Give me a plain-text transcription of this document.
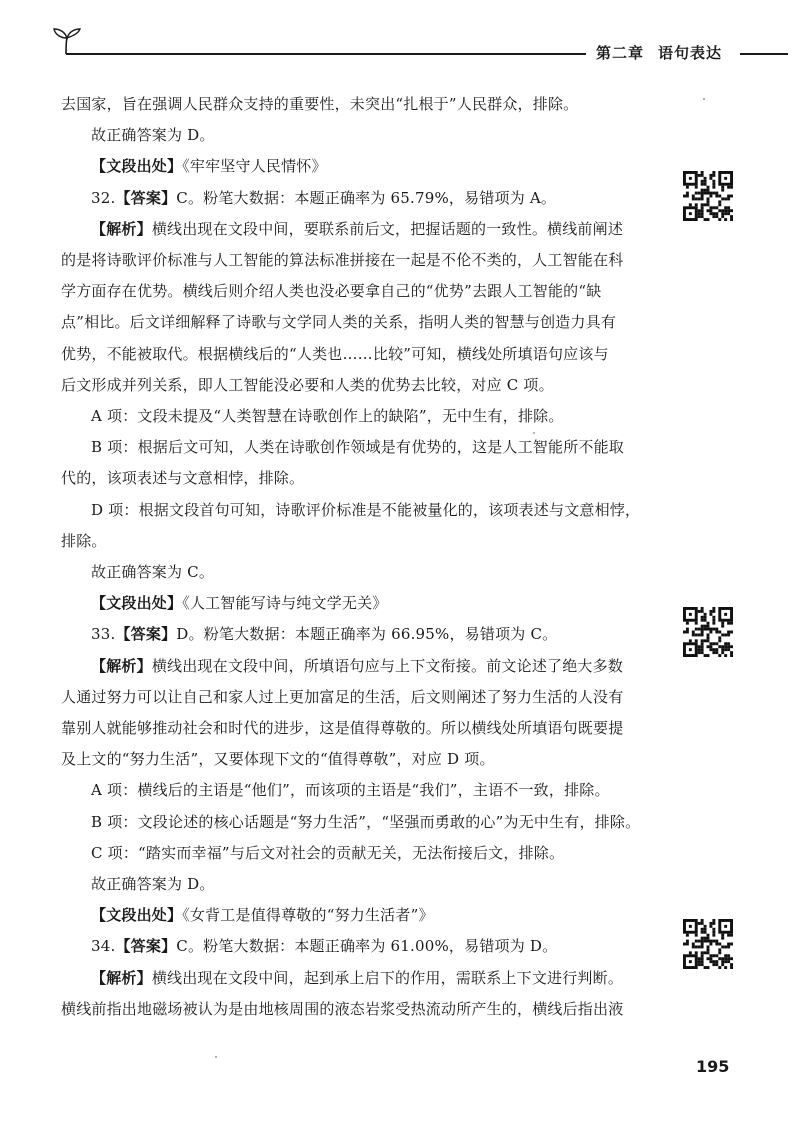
第二章 语句表达

去国家，旨在强调人民群众支持的重要性，未突出“扎根于”人民群众，排除。

故正确答案为 D。

【文段出处】《牢牢坚守人民情怀》

32.【答案】C。粉笔大数据：本题正确率为 65.79%，易错项为 A。

【解析】横线出现在文段中间，要联系前后文，把握话题的一致性。横线前阐述

的是将诗歌评价标准与人工智能的算法标准拼接在一起是不伦不类的，人工智能在科

学方面存在优势。横线后则介绍人类也没必要拿自己的“优势”去跟人工智能的“缺

点”相比。后文详细解释了诗歌与文学同人类的关系，指明人类的智慧与创造力具有

优势，不能被取代。根据横线后的“人类也……比较”可知，横线处所填语句应该与

后文形成并列关系，即人工智能没必要和人类的优势去比较，对应 C 项。

A 项：文段未提及“人类智慧在诗歌创作上的缺陷”，无中生有，排除。

B 项：根据后文可知，人类在诗歌创作领域是有优势的，这是人工智能所不能取

代的，该项表述与文意相悖，排除。

D 项：根据文段首句可知，诗歌评价标准是不能被量化的，该项表述与文意相悖，

排除。

故正确答案为 C。

【文段出处】《人工智能写诗与纯文学无关》

33.【答案】D。粉笔大数据：本题正确率为 66.95%，易错项为 C。

【解析】横线出现在文段中间，所填语句应与上下文衔接。前文论述了绝大多数

人通过努力可以让自己和家人过上更加富足的生活，后文则阐述了努力生活的人没有

靠别人就能够推动社会和时代的进步，这是值得尊敬的。所以横线处所填语句既要提

及上文的“努力生活”，又要体现下文的“值得尊敬”，对应 D 项。

A 项：横线后的主语是“他们”，而该项的主语是“我们”，主语不一致，排除。

B 项：文段论述的核心话题是“努力生活”，“坚强而勇敢的心”为无中生有，排除。

C 项：“踏实而幸福”与后文对社会的贡献无关，无法衔接后文，排除。

故正确答案为 D。

【文段出处】《女背工是值得尊敬的“努力生活者”》

34.【答案】C。粉笔大数据：本题正确率为 61.00%，易错项为 D。

【解析】横线出现在文段中间，起到承上启下的作用，需联系上下文进行判断。

横线前指出地磁场被认为是由地核周围的液态岩浆受热流动所产生的，横线后指出液

195
